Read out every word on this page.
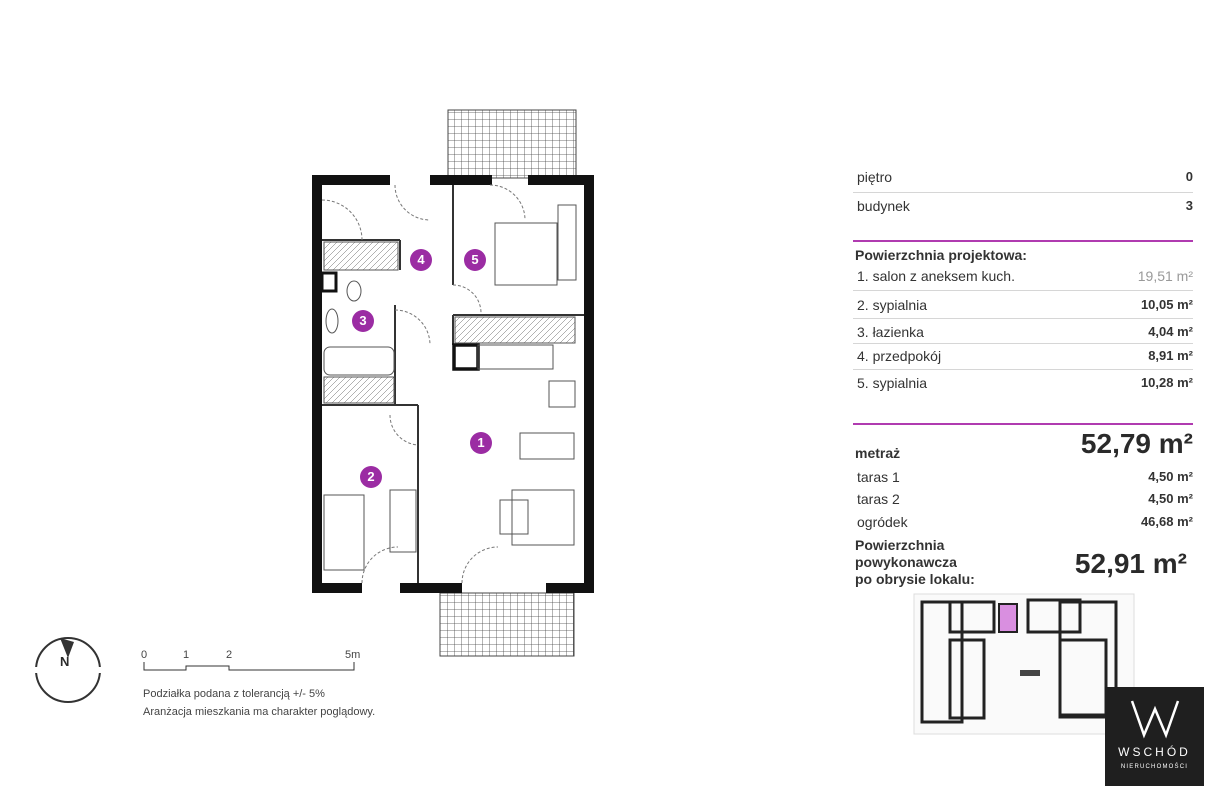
1
2
3
4	5
N	0	1	2	5m
Podziałka podana z tolerancją +/- 5%
Aranżacja mieszkania ma charakter poglądowy.
piętro	0
budynek	3
Powierzchnia projektowa:
1. salon z aneksem kuch.	19,51 m²
2. sypialnia	10,05 m²
3. łazienka	4,04 m²
4. przedpokój	8,91 m²
5. sypialnia	10,28 m²
metraż	52,79 m²
taras 1	4,50 m²
taras 2	4,50 m²
ogródek	46,68 m²
Powierzchnia
powykonawcza
po obrysie lokalu:	52,91 m²
WSCHÓD
NIERUCHOMOŚCI
